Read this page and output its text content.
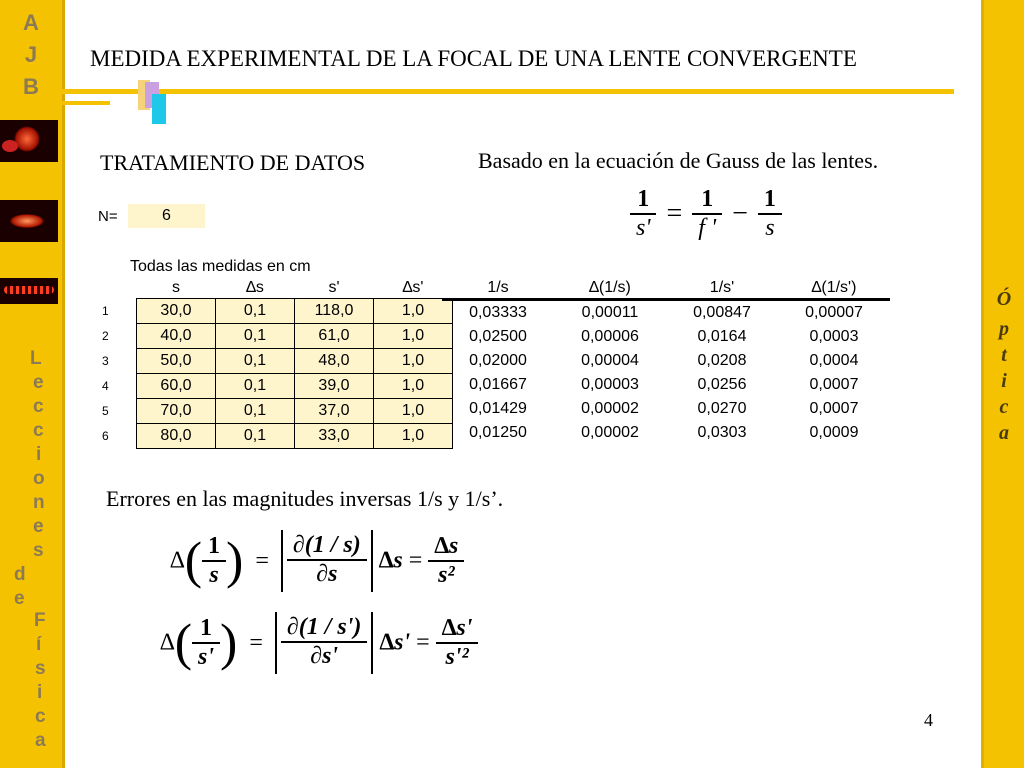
A
J
B
L
e
c
c
i
o
n
e
s
d
e
F
í
s
i
c
a
Ó
p
t
i
c
a
MEDIDA EXPERIMENTAL DE LA FOCAL DE UNA LENTE CONVERGENTE
TRATAMIENTO DE DATOS	Basado en la ecuación de Gauss de las lentes.
$\frac{1}{s'} = \frac{1}{f '} - \frac{1}{s}$
N=	6
Todas las medidas en cm
	s	∆s	s'	∆s'
1	30,0	0,1	118,0	1,0
2	40,0	0,1	61,0	1,0
3	50,0	0,1	48,0	1,0
4	60,0	0,1	39,0	1,0
5	70,0	0,1	37,0	1,0
6	80,0	0,1	33,0	1,0
1/s	∆(1/s)	1/s'	∆(1/s')
0,03333	0,00011	0,00847	0,00007
0,02500	0,00006	0,0164	0,0003
0,02000	0,00004	0,0208	0,0004
0,01667	0,00003	0,0256	0,0007
0,01429	0,00002	0,0270	0,0007
0,01250	0,00002	0,0303	0,0009
Errores en las magnitudes inversas 1/s y 1/s’.
∆( $\frac{1}{s}$ ) = $\frac{\partial(1 / s)}{\partial s} \Delta s = \frac{\Delta s}{\text{s²}}$
∆( $\frac{1}{s'}$ ) = $\frac{\partial(1 / s')}{\partial s'} \Delta s' = \frac{\Delta s'}{\text{s'²}}$
4
